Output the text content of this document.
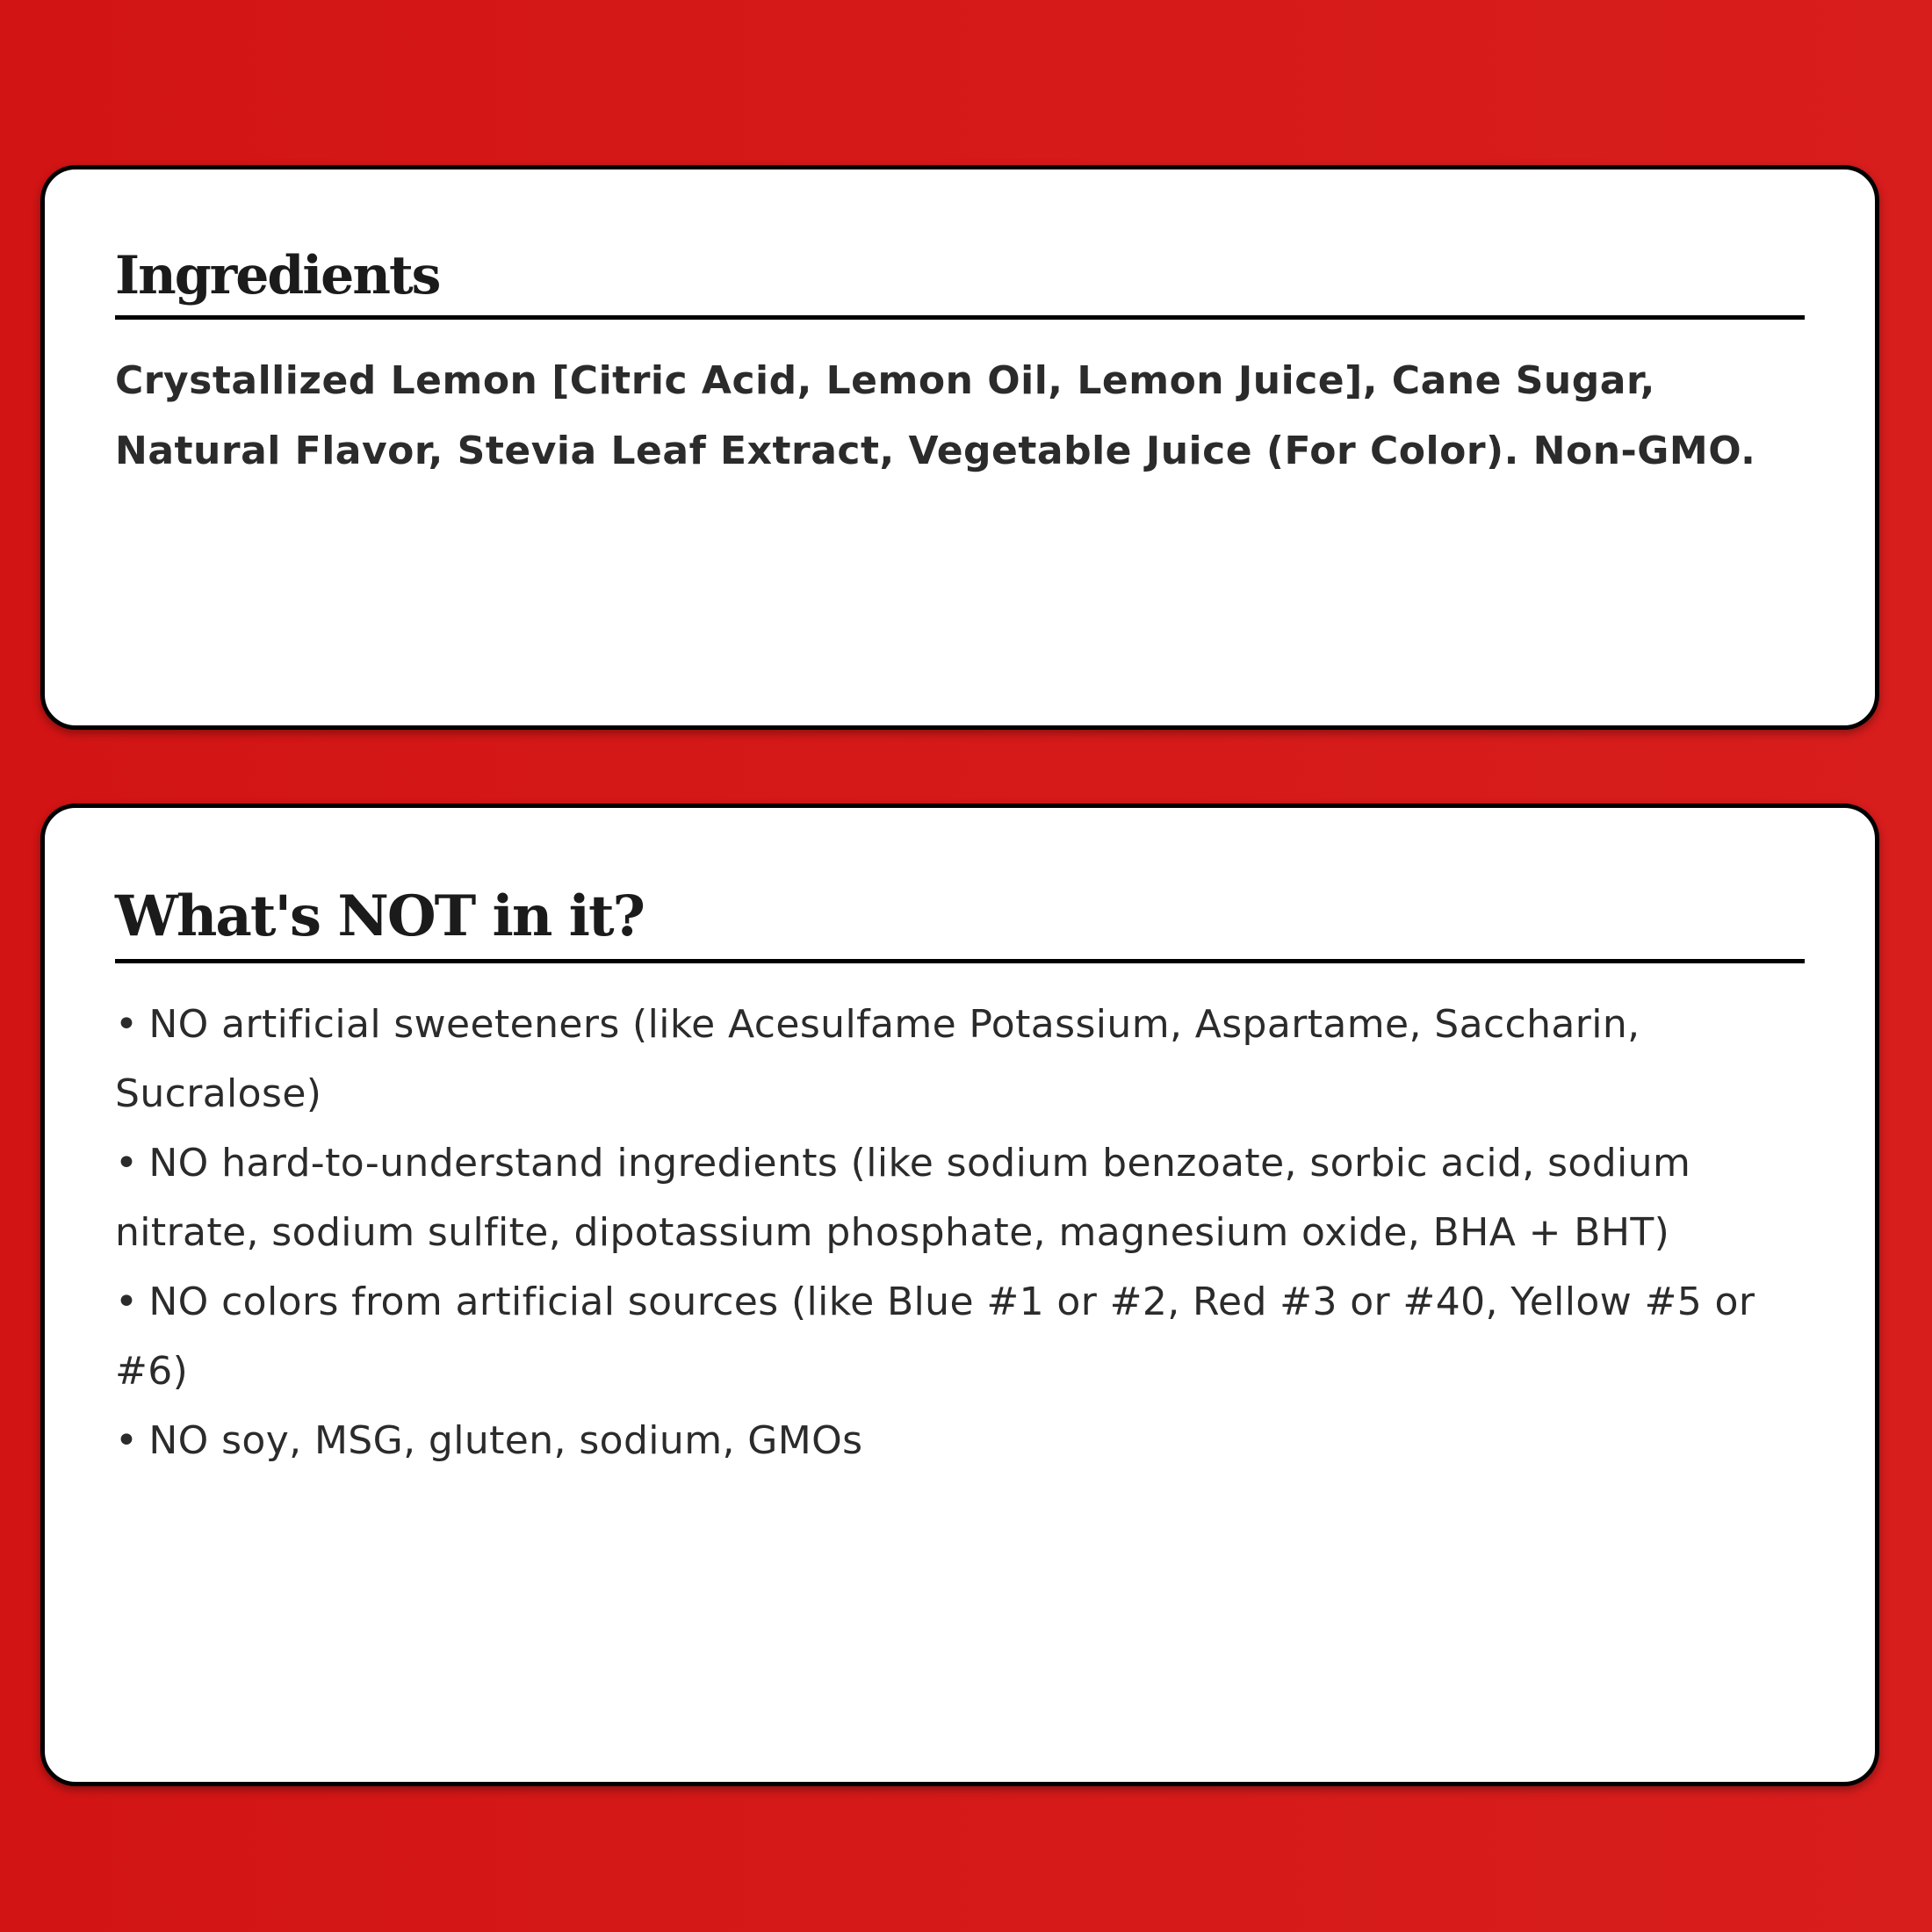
Ingredients

Crystallized Lemon [Citric Acid, Lemon Oil, Lemon Juice], Cane Sugar, Natural Flavor, Stevia Leaf Extract, Vegetable Juice (For Color). Non-GMO.

What's NOT in it?
• NO artificial sweeteners (like Acesulfame Potassium, Aspartame, Saccharin, Sucralose)
• NO hard-to-understand ingredients (like sodium benzoate, sorbic acid, sodium nitrate, sodium sulfite, dipotassium phosphate, magnesium oxide, BHA + BHT)
• NO colors from artificial sources (like Blue #1 or #2, Red #3 or #40, Yellow #5 or #6)
• NO soy, MSG, gluten, sodium, GMOs
